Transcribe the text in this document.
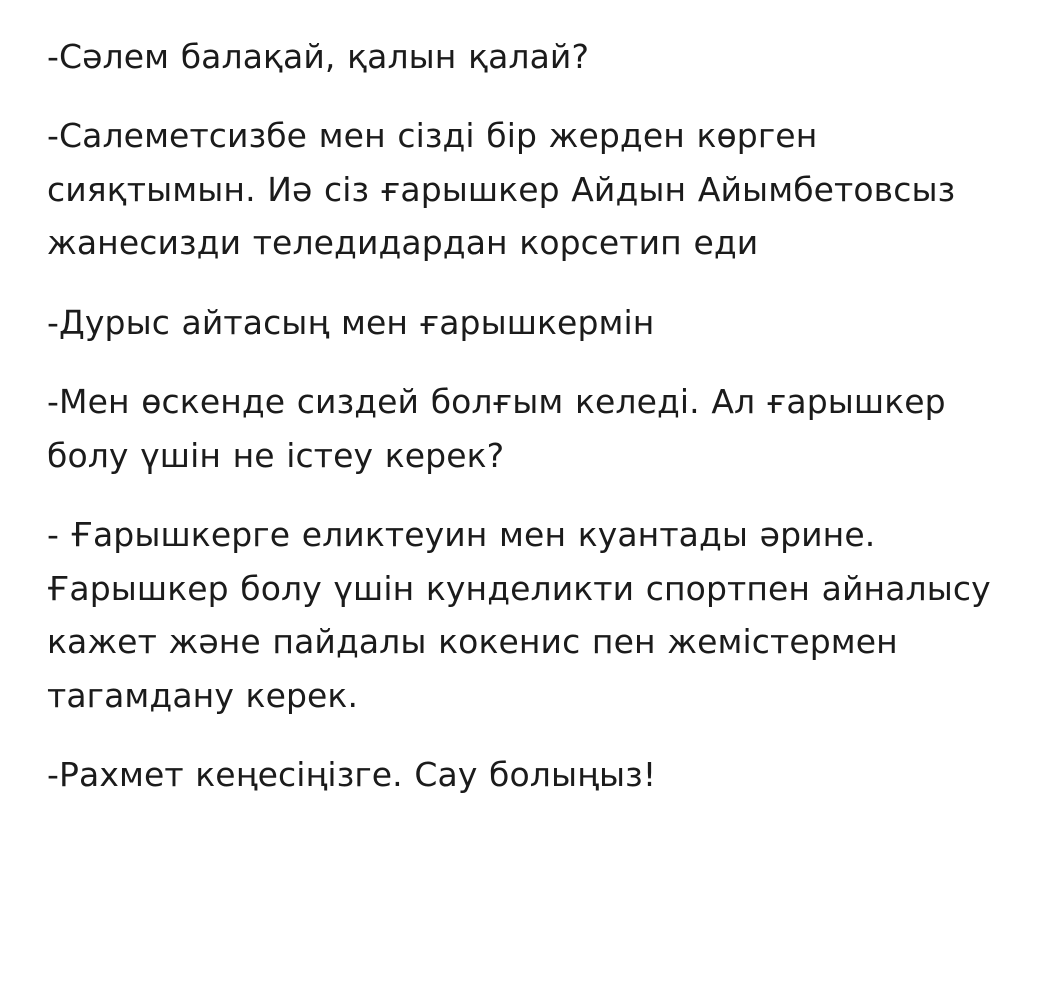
-Сәлем балақай, қалын қалай?

-Салеметсизбе мен сізді бір жерден көрген сияқтымын. Иә сіз ғарышкер Айдын Айымбетовсыз жанесизди теледидардан корсетип еди

-Дурыс айтасың мен ғарышкермін

-Мен өскенде сиздей болғым келеді. Ал ғарышкер болу үшін не істеу керек?

- Ғарышкерге еликтеуин мен куантады әрине. Ғарышкер болу үшін кунделикти спортпен айналысу кажет және пайдалы кокенис пен жемістермен тагамдану керек.

-Рахмет кеңесіңізге. Сау болыңыз!
